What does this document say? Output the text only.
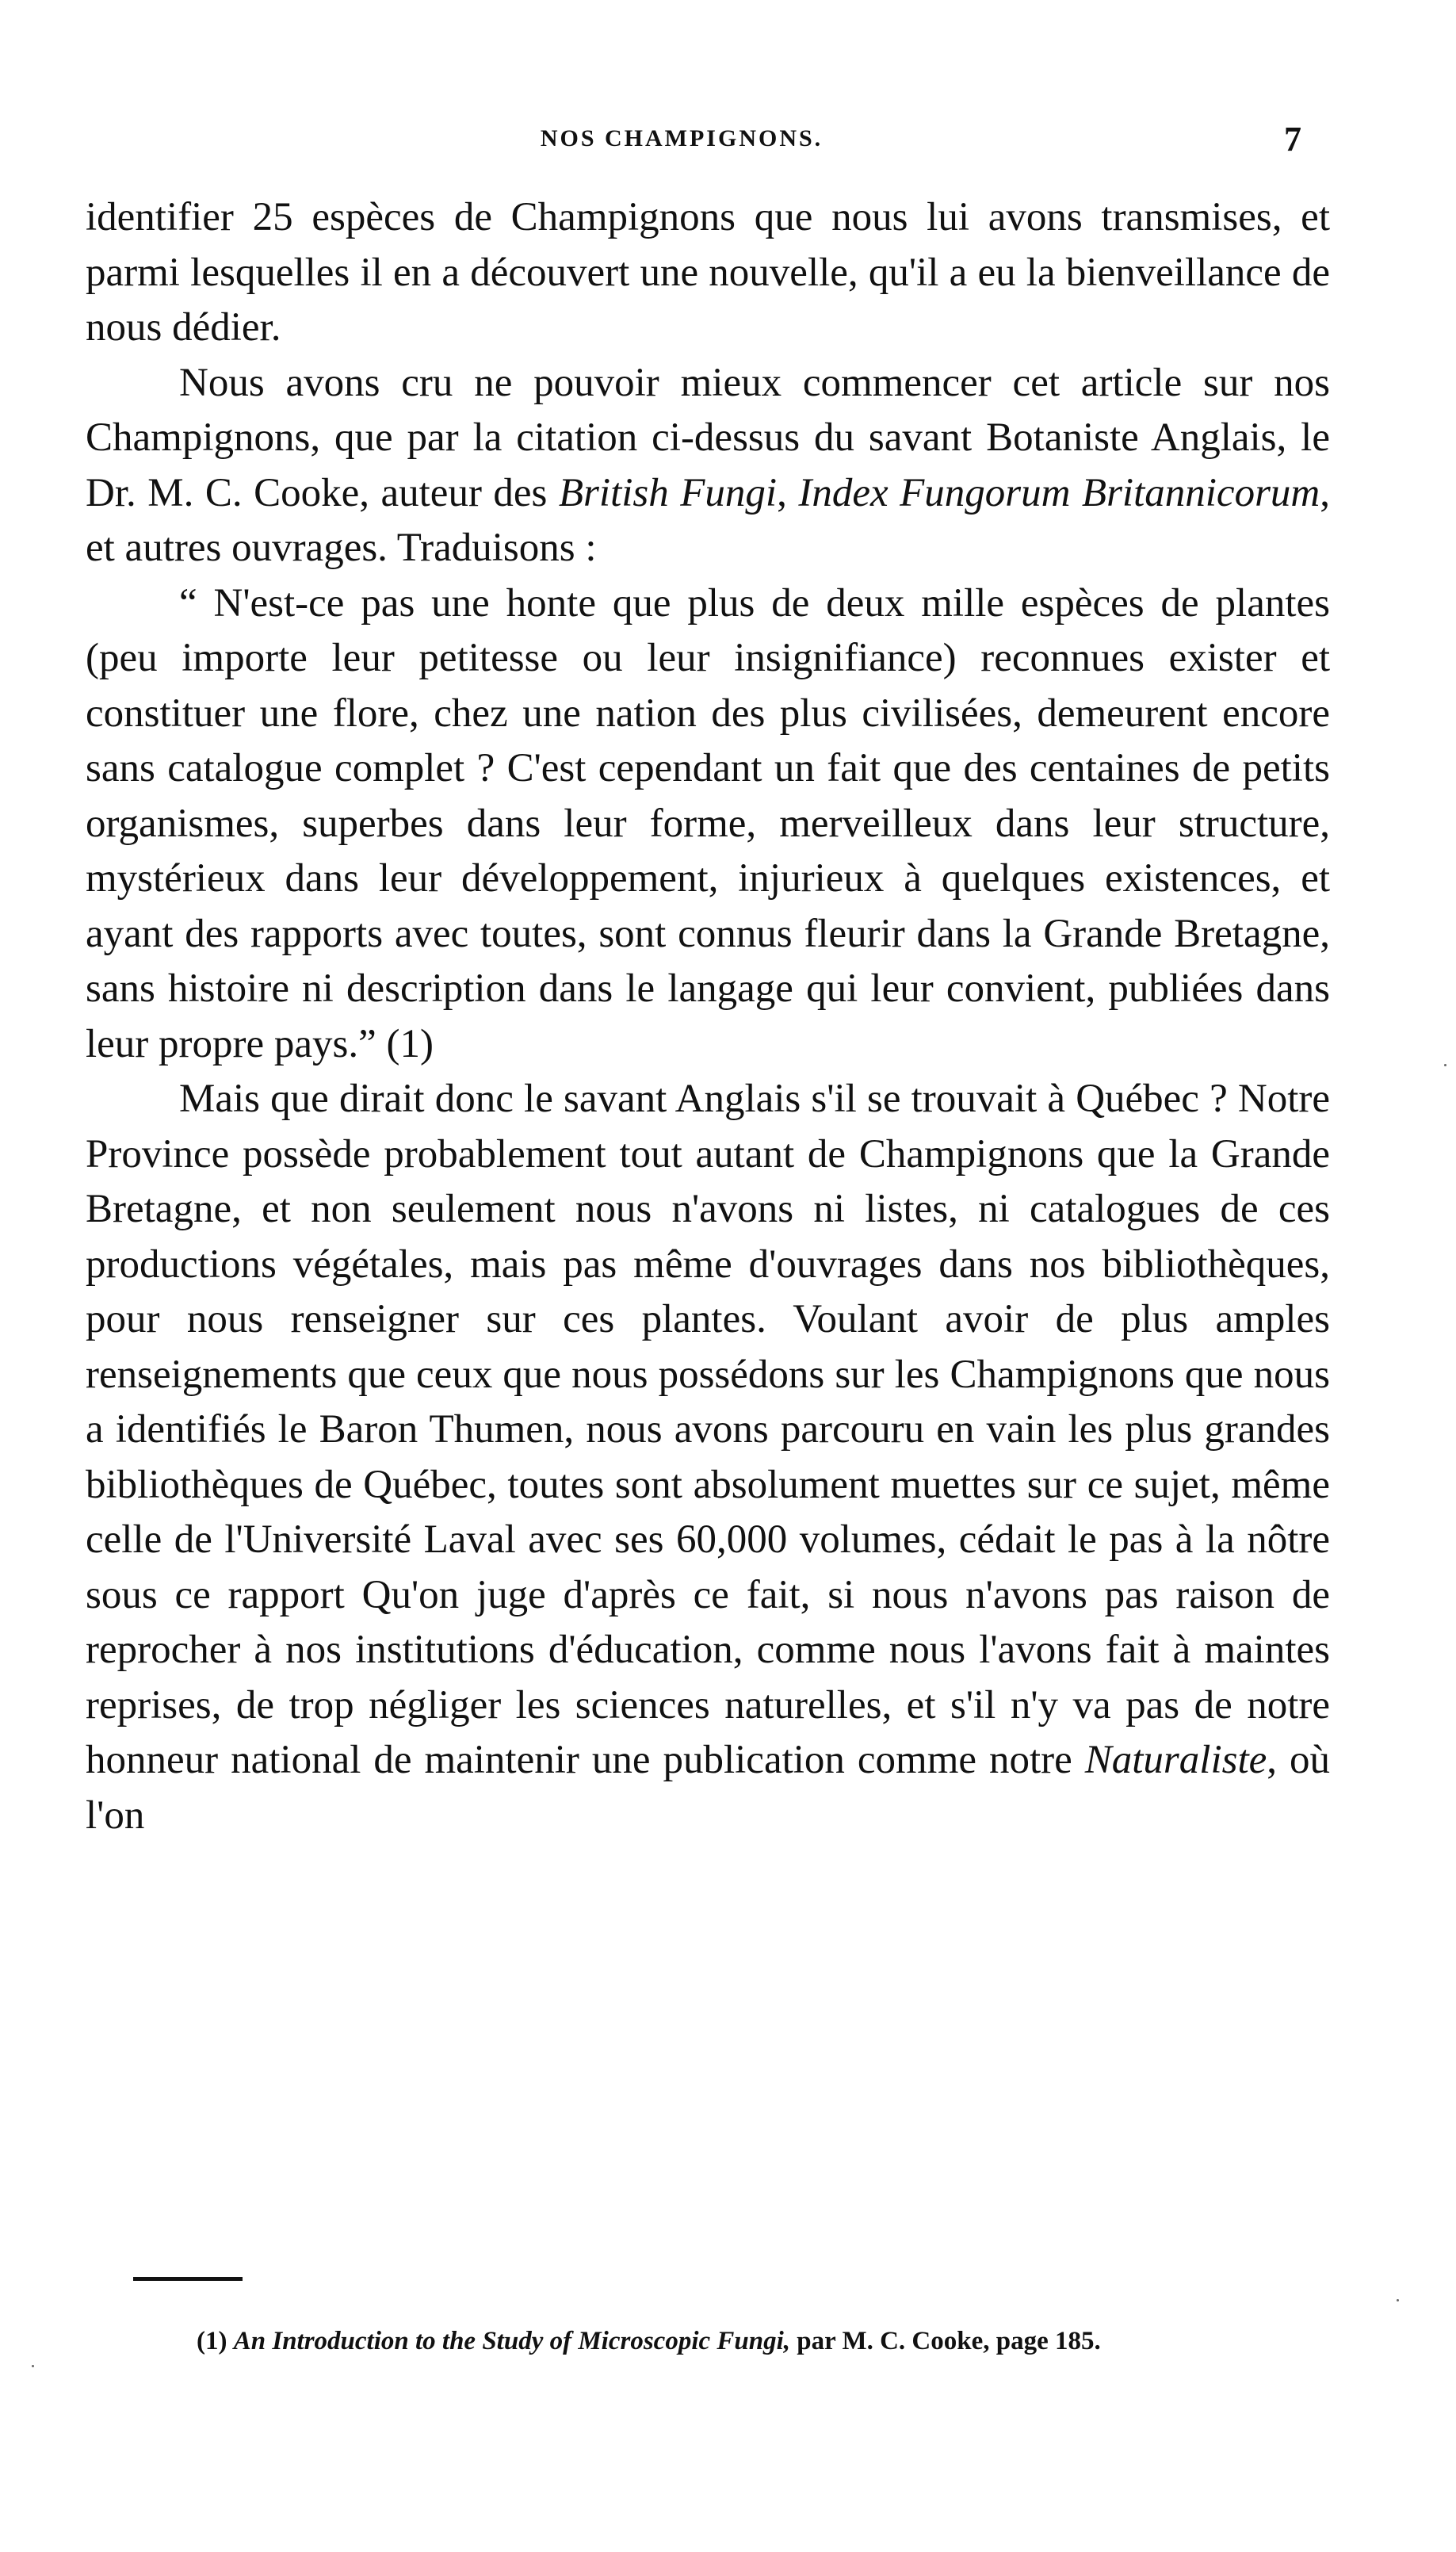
NOS CHAMPIGNONS.	7

identifier 25 espèces de Champignons que nous lui avons transmises, et parmi lesquelles il en a découvert une nouvelle, qu'il a eu la bienveillance de nous dédier.

Nous avons cru ne pouvoir mieux commencer cet article sur nos Champignons, que par la citation ci-dessus du savant Botaniste Anglais, le Dr. M. C. Cooke, auteur des British Fungi, Index Fungorum Britannicorum, et autres ouvrages. Traduisons :

“ N'est-ce pas une honte que plus de deux mille espèces de plantes (peu importe leur petitesse ou leur insignifiance) reconnues exister et constituer une flore, chez une nation des plus civilisées, demeurent encore sans catalogue complet ? C'est cependant un fait que des centaines de petits organismes, superbes dans leur forme, merveilleux dans leur structure, mystérieux dans leur développement, injurieux à quelques existences, et ayant des rapports avec toutes, sont connus fleurir dans la Grande Bretagne, sans histoire ni description dans le langage qui leur convient, publiées dans leur propre pays.” (1)

Mais que dirait donc le savant Anglais s'il se trouvait à Québec ? Notre Province possède probablement tout autant de Champignons que la Grande Bretagne, et non seulement nous n'avons ni listes, ni catalogues de ces productions végétales, mais pas même d'ouvrages dans nos bibliothèques, pour nous renseigner sur ces plantes. Voulant avoir de plus amples renseignements que ceux que nous possédons sur les Champignons que nous a identifiés le Baron Thumen, nous avons parcouru en vain les plus grandes bibliothèques de Québec, toutes sont absolument muettes sur ce sujet, même celle de l'Université Laval avec ses 60,000 volumes, cédait le pas à la nôtre sous ce rapport Qu'on juge d'après ce fait, si nous n'avons pas raison de reprocher à nos institutions d'éducation, comme nous l'avons fait à maintes reprises, de trop négliger les sciences naturelles, et s'il n'y va pas de notre honneur national de maintenir une publication comme notre Naturaliste, où l'on

(1) An Introduction to the Study of Microscopic Fungi, par M. C. Cooke, page 185.
